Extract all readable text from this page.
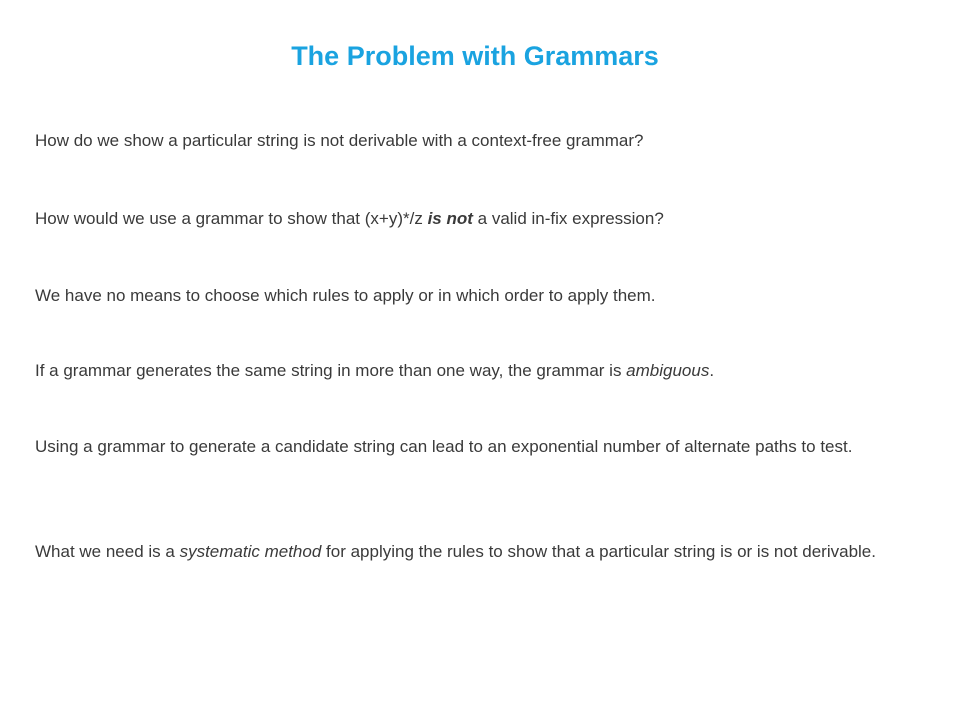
The Problem with Grammars

How do we show a particular string is not derivable with a context-free grammar?

How would we use a grammar to show that (x+y)*/z is not a valid in-fix expression?

We have no means to choose which rules to apply or in which order to apply them.

If a grammar generates the same string in more than one way, the grammar is ambiguous.

Using a grammar to generate a candidate string can lead to an exponential number of alternate paths to test.

What we need is a systematic method for applying the rules to show that a particular string is or is not derivable.
